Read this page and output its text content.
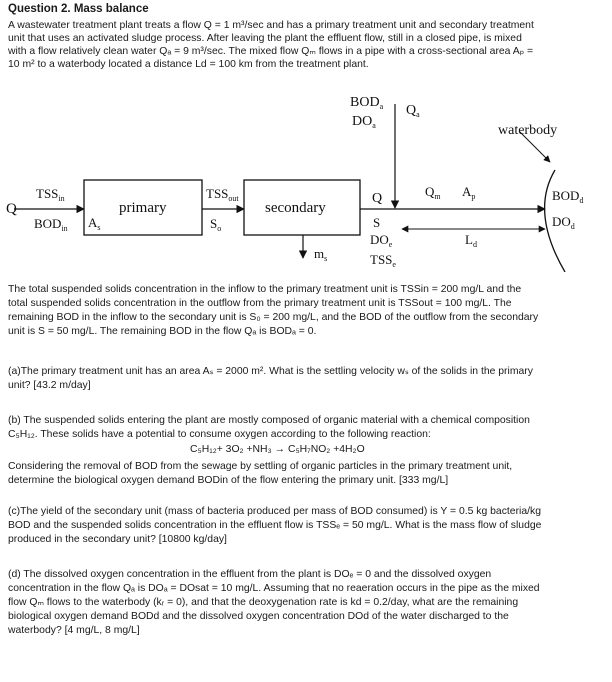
Question 2. Mass balance

A wastewater treatment plant treats a flow Q = 1 m³/sec and has a primary treatment unit and secondary treatment

unit that uses an activated sludge process. After leaving the plant the effluent flow, still in a closed pipe, is mixed

with a flow relatively clean water Qₐ = 9 m³/sec. The mixed flow Qₘ flows in a pipe with a cross-sectional area Aₚ =

10 m² to a waterbody located a distance Ld = 100 km from the treatment plant.

Q
$TSS_{in}$
$BOD_{in}$ $A_s$
primary
$TSS_{out}$
$S_o$
secondary
$m_s$
Q
S
$DO_e$
$TSS_e$
$BOD_a$
$DO_a$
$Q_a$
$Q_m$ $A_p$
$L_d$
waterbody
$BOD_d$
$DO_d$

The total suspended solids concentration in the inflow to the primary treatment unit is TSSin = 200 mg/L and the

total suspended solids concentration in the outflow from the primary treatment unit is TSSout = 100 mg/L. The

remaining BOD in the inflow to the secondary unit is S₀ = 200 mg/L, and the BOD of the outflow from the secondary

unit is S = 50 mg/L. The remaining BOD in the flow Qₐ is BODₐ = 0.

(a)The primary treatment unit has an area Aₛ = 2000 m². What is the settling velocity wₛ of the solids in the primary

unit? [43.2 m/day]

(b) The suspended solids entering the plant are mostly composed of organic material with a chemical composition

C₅H₁₂. These solids have a potential to consume oxygen according to the following reaction:

C₅H₁₂+ 3O₂ +NH₃ → C₅H₇NO₂ +4H₂O

Considering the removal of BOD from the sewage by settling of organic particles in the primary treatment unit,

determine the biological oxygen demand BODin of the flow entering the primary unit. [333 mg/L]

(c)The yield of the secondary unit (mass of bacteria produced per mass of BOD consumed) is Y = 0.5 kg bacteria/kg

BOD and the suspended solids concentration in the effluent flow is TSSₑ = 50 mg/L. What is the mass flow of sludge

produced in the secondary unit? [10800 kg/day]

(d) The dissolved oxygen concentration in the effluent from the plant is DOₑ = 0 and the dissolved oxygen

concentration in the flow Qₐ is DOₐ = DOsat = 10 mg/L. Assuming that no reaeration occurs in the pipe as the mixed

flow Qₘ flows to the waterbody (kᵣ = 0), and that the deoxygenation rate is kd = 0.2/day, what are the remaining

biological oxygen demand BODd and the dissolved oxygen concentration DOd of the water discharged to the

waterbody? [4 mg/L, 8 mg/L]
